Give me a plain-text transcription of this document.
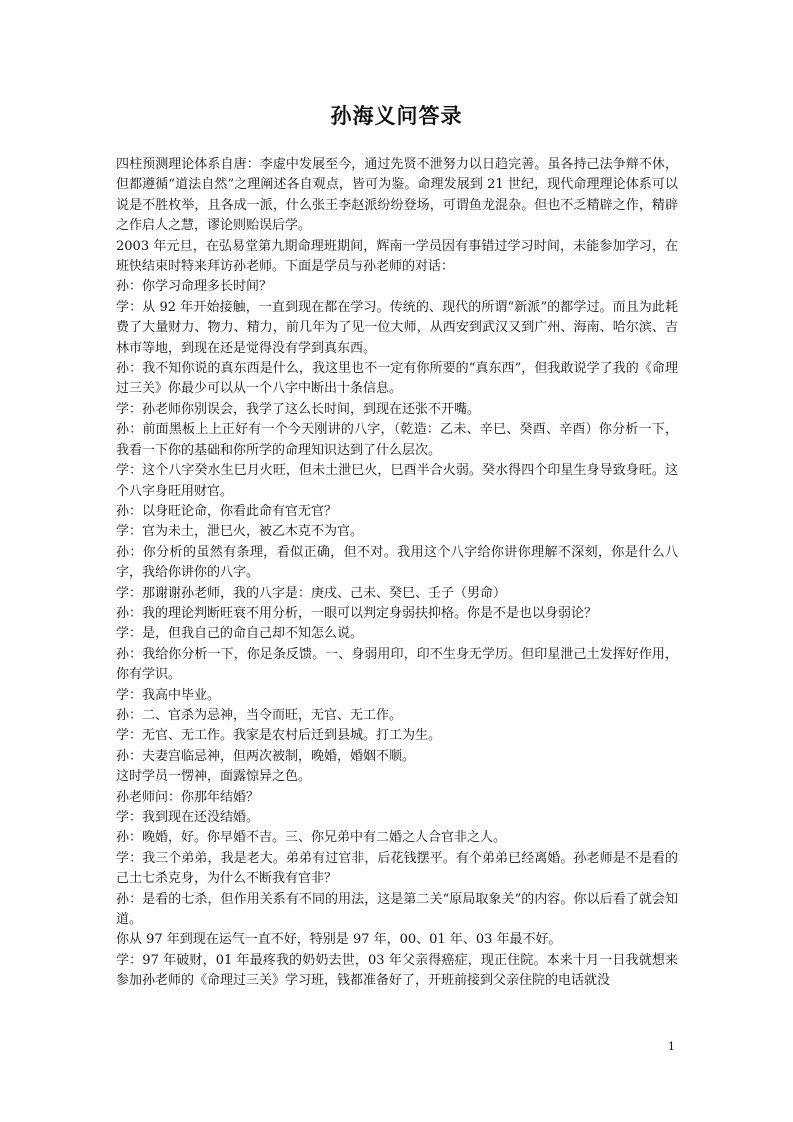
孙海义问答录

四柱预测理论体系自唐：李虚中发展至今，通过先贤不泄努力以日趋完善。虽各持己法争辩不休，但都遵循“道法自然”之理阐述各自观点，皆可为鉴。命理发展到 21 世纪，现代命理理论体系可以说是不胜枚举，且各成一派，什么张王李赵派纷纷登场，可谓鱼龙混杂。但也不乏精辟之作，精辟之作启人之慧，谬论则贻误后学。

2003 年元旦，在弘易堂第九期命理班期间，辉南一学员因有事错过学习时间，未能参加学习，在班快结束时特来拜访孙老师。下面是学员与孙老师的对话：

孙：你学习命理多长时间？

学：从 92 年开始接触，一直到现在都在学习。传统的、现代的所谓“新派”的都学过。而且为此耗费了大量财力、物力、精力，前几年为了见一位大师，从西安到武汉又到广州、海南、哈尔滨、吉林市等地，到现在还是觉得没有学到真东西。

孙：我不知你说的真东西是什么，我这里也不一定有你所要的“真东西”，但我敢说学了我的《命理过三关》你最少可以从一个八字中断出十条信息。

学：孙老师你别误会，我学了这么长时间，到现在还张不开嘴。

孙：前面黑板上上正好有一个今天刚讲的八字，（乾造：乙未、辛巳、癸酉、辛酉）你分析一下，我看一下你的基础和你所学的命理知识达到了什么层次。

学：这个八字癸水生巳月火旺，但未土泄巳火，巳酉半合火弱。癸水得四个印星生身导致身旺。这个八字身旺用财官。

孙：以身旺论命，你看此命有官无官？

学：官为未土，泄巳火，被乙木克不为官。

孙：你分析的虽然有条理，看似正确，但不对。我用这个八字给你讲你理解不深刻，你是什么八字，我给你讲你的八字。

学：那谢谢孙老师，我的八字是：庚戌、己未、癸巳、壬子（男命）

孙：我的理论判断旺衰不用分析，一眼可以判定身弱扶抑格。你是不是也以身弱论？

学：是，但我自己的命自己却不知怎么说。

孙：我给你分析一下，你足条反馈。一、身弱用印，印不生身无学历。但印星泄己土发挥好作用，你有学识。

学：我高中毕业。

孙：二、官杀为忌神，当令而旺，无官、无工作。

学：无官、无工作。我家是农村后迁到县城。打工为生。

孙：夫妻宫临忌神，但两次被制，晚婚，婚姻不顺。

这时学员一愣神，面露惊异之色。

孙老师问：你那年结婚？

学：我到现在还没结婚。

孙：晚婚，好。你早婚不吉。三、你兄弟中有二婚之人合官非之人。

学：我三个弟弟，我是老大。弟弟有过官非，后花钱摆平。有个弟弟已经离婚。孙老师是不是看的己土七杀克身，为什么不断我有官非？

孙：是看的七杀，但作用关系有不同的用法，这是第二关“原局取象关”的内容。你以后看了就会知道。

你从 97 年到现在运气一直不好，特别是 97 年，00、01 年、03 年最不好。

学：97 年破财，01 年最疼我的奶奶去世，03 年父亲得癌症，现正住院。本来十月一日我就想来参加孙老师的《命理过三关》学习班，钱都准备好了，开班前接到父亲住院的电话就没

1
